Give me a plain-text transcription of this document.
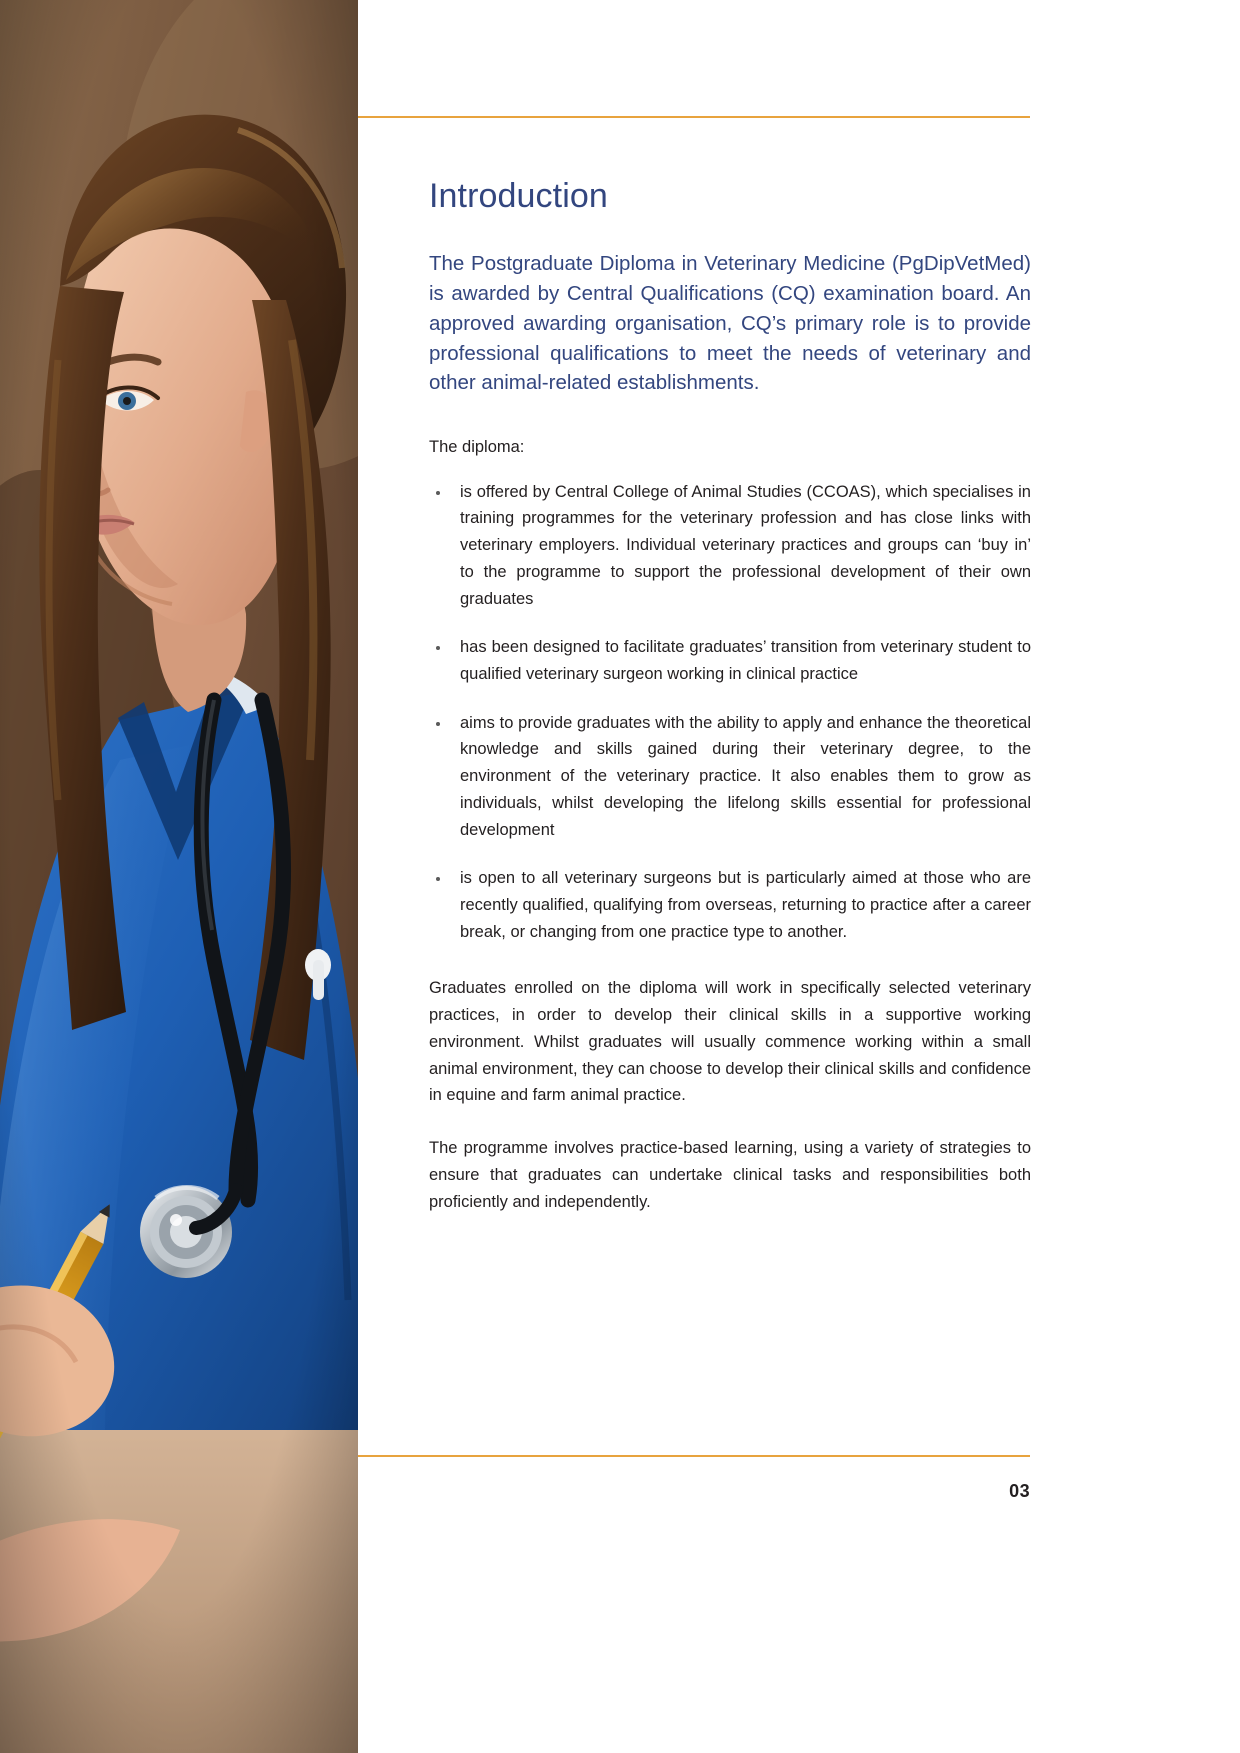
Introduction

The Postgraduate Diploma in Veterinary Medicine (PgDipVetMed) is awarded by Central Qualifications (CQ) examination board. An approved awarding organisation, CQ’s primary role is to provide professional qualifications to meet the needs of veterinary and other animal-related establishments.

The diploma:

is offered by Central College of Animal Studies (CCOAS), which specialises in training programmes for the veterinary profession and has close links with veterinary employers. Individual veterinary practices and groups can ‘buy in’ to the programme to support the professional development of their own graduates
has been designed to facilitate graduates’ transition from veterinary student to qualified veterinary surgeon working in clinical practice
aims to provide graduates with the ability to apply and enhance the theoretical knowledge and skills gained during their veterinary degree, to the environment of the veterinary practice. It also enables them to grow as individuals, whilst developing the lifelong skills essential for professional development
is open to all veterinary surgeons but is particularly aimed at those who are recently qualified, qualifying from overseas, returning to practice after a career break, or changing from one practice type to another.

Graduates enrolled on the diploma will work in specifically selected veterinary practices, in order to develop their clinical skills in a supportive working environment. Whilst graduates will usually commence working within a small animal environment, they can choose to develop their clinical skills and confidence in equine and farm animal practice.

The programme involves practice-based learning, using a variety of strategies to ensure that graduates can undertake clinical tasks and responsibilities both proficiently and independently.

03
